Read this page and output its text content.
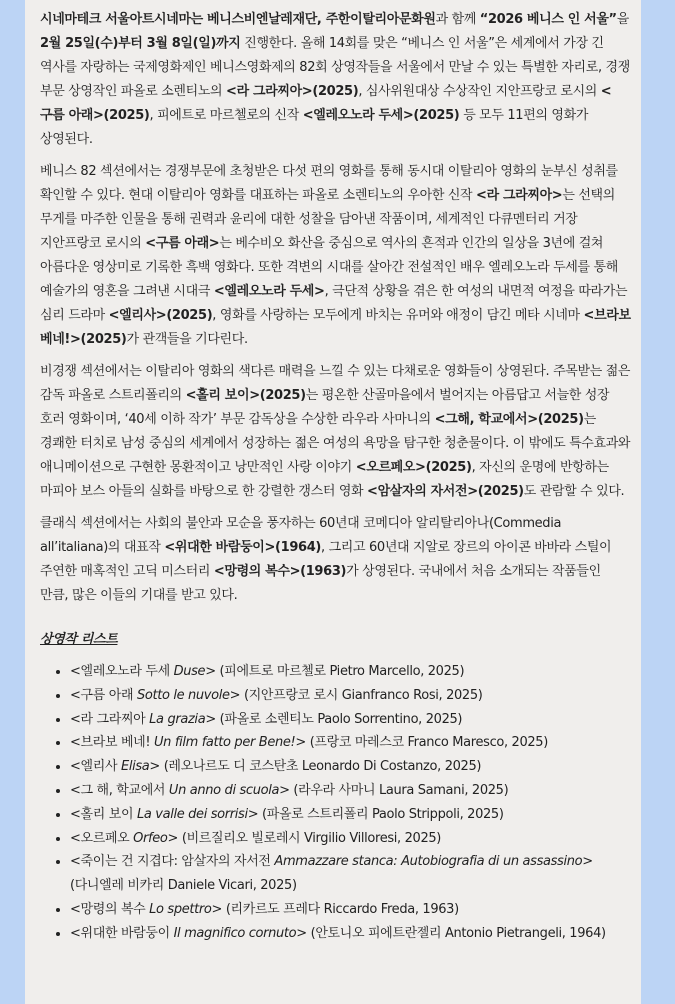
시네마테크 서울아트시네마는 베니스비엔날레재단, 주한이탈리아문화원과 함께 “2026 베니스 인 서울”을 2월 25일(수)부터 3월 8일(일)까지 진행한다. 올해 14회를 맞은 “베니스 인 서울”은 세계에서 가장 긴 역사를 자랑하는 국제영화제인 베니스영화제의 82회 상영작들을 서울에서 만날 수 있는 특별한 자리로, 경쟁 부문 상영작인 파올로 소렌티노의 <라 그라찌아>(2025), 심사위원대상 수상작인 지안프랑코 로시의 <구름 아래>(2025), 피에트로 마르첼로의 신작 <엘레오노라 두세>(2025) 등 모두 11편의 영화가 상영된다.

베니스 82 섹션에서는 경쟁부문에 초청받은 다섯 편의 영화를 통해 동시대 이탈리아 영화의 눈부신 성취를 확인할 수 있다. 현대 이탈리아 영화를 대표하는 파올로 소렌티노의 우아한 신작 <라 그라찌아>는 선택의 무게를 마주한 인물을 통해 권력과 윤리에 대한 성찰을 담아낸 작품이며, 세계적인 다큐멘터리 거장 지안프랑코 로시의 <구름 아래>는 베수비오 화산을 중심으로 역사의 흔적과 인간의 일상을 3년에 걸쳐 아름다운 영상미로 기록한 흑백 영화다. 또한 격변의 시대를 살아간 전설적인 배우 엘레오노라 두세를 통해 예술가의 영혼을 그려낸 시대극 <엘레오노라 두세>, 극단적 상황을 겪은 한 여성의 내면적 여정을 따라가는 심리 드라마 <엘리사>(2025), 영화를 사랑하는 모두에게 바치는 유머와 애정이 담긴 메타 시네마 <브라보 베네!>(2025)가 관객들을 기다린다.

비경쟁 섹션에서는 이탈리아 영화의 색다른 매력을 느낄 수 있는 다채로운 영화들이 상영된다. 주목받는 젊은 감독 파올로 스트리폴리의 <홀리 보이>(2025)는 평온한 산골마을에서 벌어지는 아름답고 서늘한 성장 호러 영화이며, ‘40세 이하 작가’ 부문 감독상을 수상한 라우라 사마니의 <그해, 학교에서>(2025)는 경쾌한 터치로 남성 중심의 세계에서 성장하는 젊은 여성의 욕망을 탐구한 청춘물이다. 이 밖에도 특수효과와 애니메이션으로 구현한 몽환적이고 낭만적인 사랑 이야기 <오르페오>(2025), 자신의 운명에 반항하는 마피아 보스 아들의 실화를 바탕으로 한 강렬한 갱스터 영화 <암살자의 자서전>(2025)도 관람할 수 있다.

클래식 섹션에서는 사회의 불안과 모순을 풍자하는 60년대 코메디아 알리탈리아나(Commedia all’italiana)의 대표작 <위대한 바람둥이>(1964), 그리고 60년대 지알로 장르의 아이콘 바바라 스틸이 주연한 매혹적인 고딕 미스터리 <망령의 복수>(1963)가 상영된다. 국내에서 처음 소개되는 작품들인 만큼, 많은 이들의 기대를 받고 있다.

상영작 리스트
• <엘레오노라 두세 Duse> (피에트로 마르첼로 Pietro Marcello, 2025)
• <구름 아래 Sotto le nuvole> (지안프랑코 로시 Gianfranco Rosi, 2025)
• <라 그라찌아 La grazia> (파올로 소렌티노 Paolo Sorrentino, 2025)
• <브라보 베네! Un film fatto per Bene!> (프랑코 마레스코 Franco Maresco, 2025)
• <엘리사 Elisa> (레오나르도 디 코스탄초 Leonardo Di Costanzo, 2025)
• <그 해, 학교에서 Un anno di scuola> (라우라 사마니 Laura Samani, 2025)
• <홀리 보이 La valle dei sorrisi> (파올로 스트리폴리 Paolo Strippoli, 2025)
• <오르페오 Orfeo> (비르질리오 빌로레시 Virgilio Villoresi, 2025)
• <죽이는 건 지겹다: 암살자의 자서전 Ammazzare stanca: Autobiografia di un assassino> (다니엘레 비카리 Daniele Vicari, 2025)
• <망령의 복수 Lo spettro> (리카르도 프레다 Riccardo Freda, 1963)
• <위대한 바람둥이 Il magnifico cornuto> (안토니오 피에트란젤리 Antonio Pietrangeli, 1964)
